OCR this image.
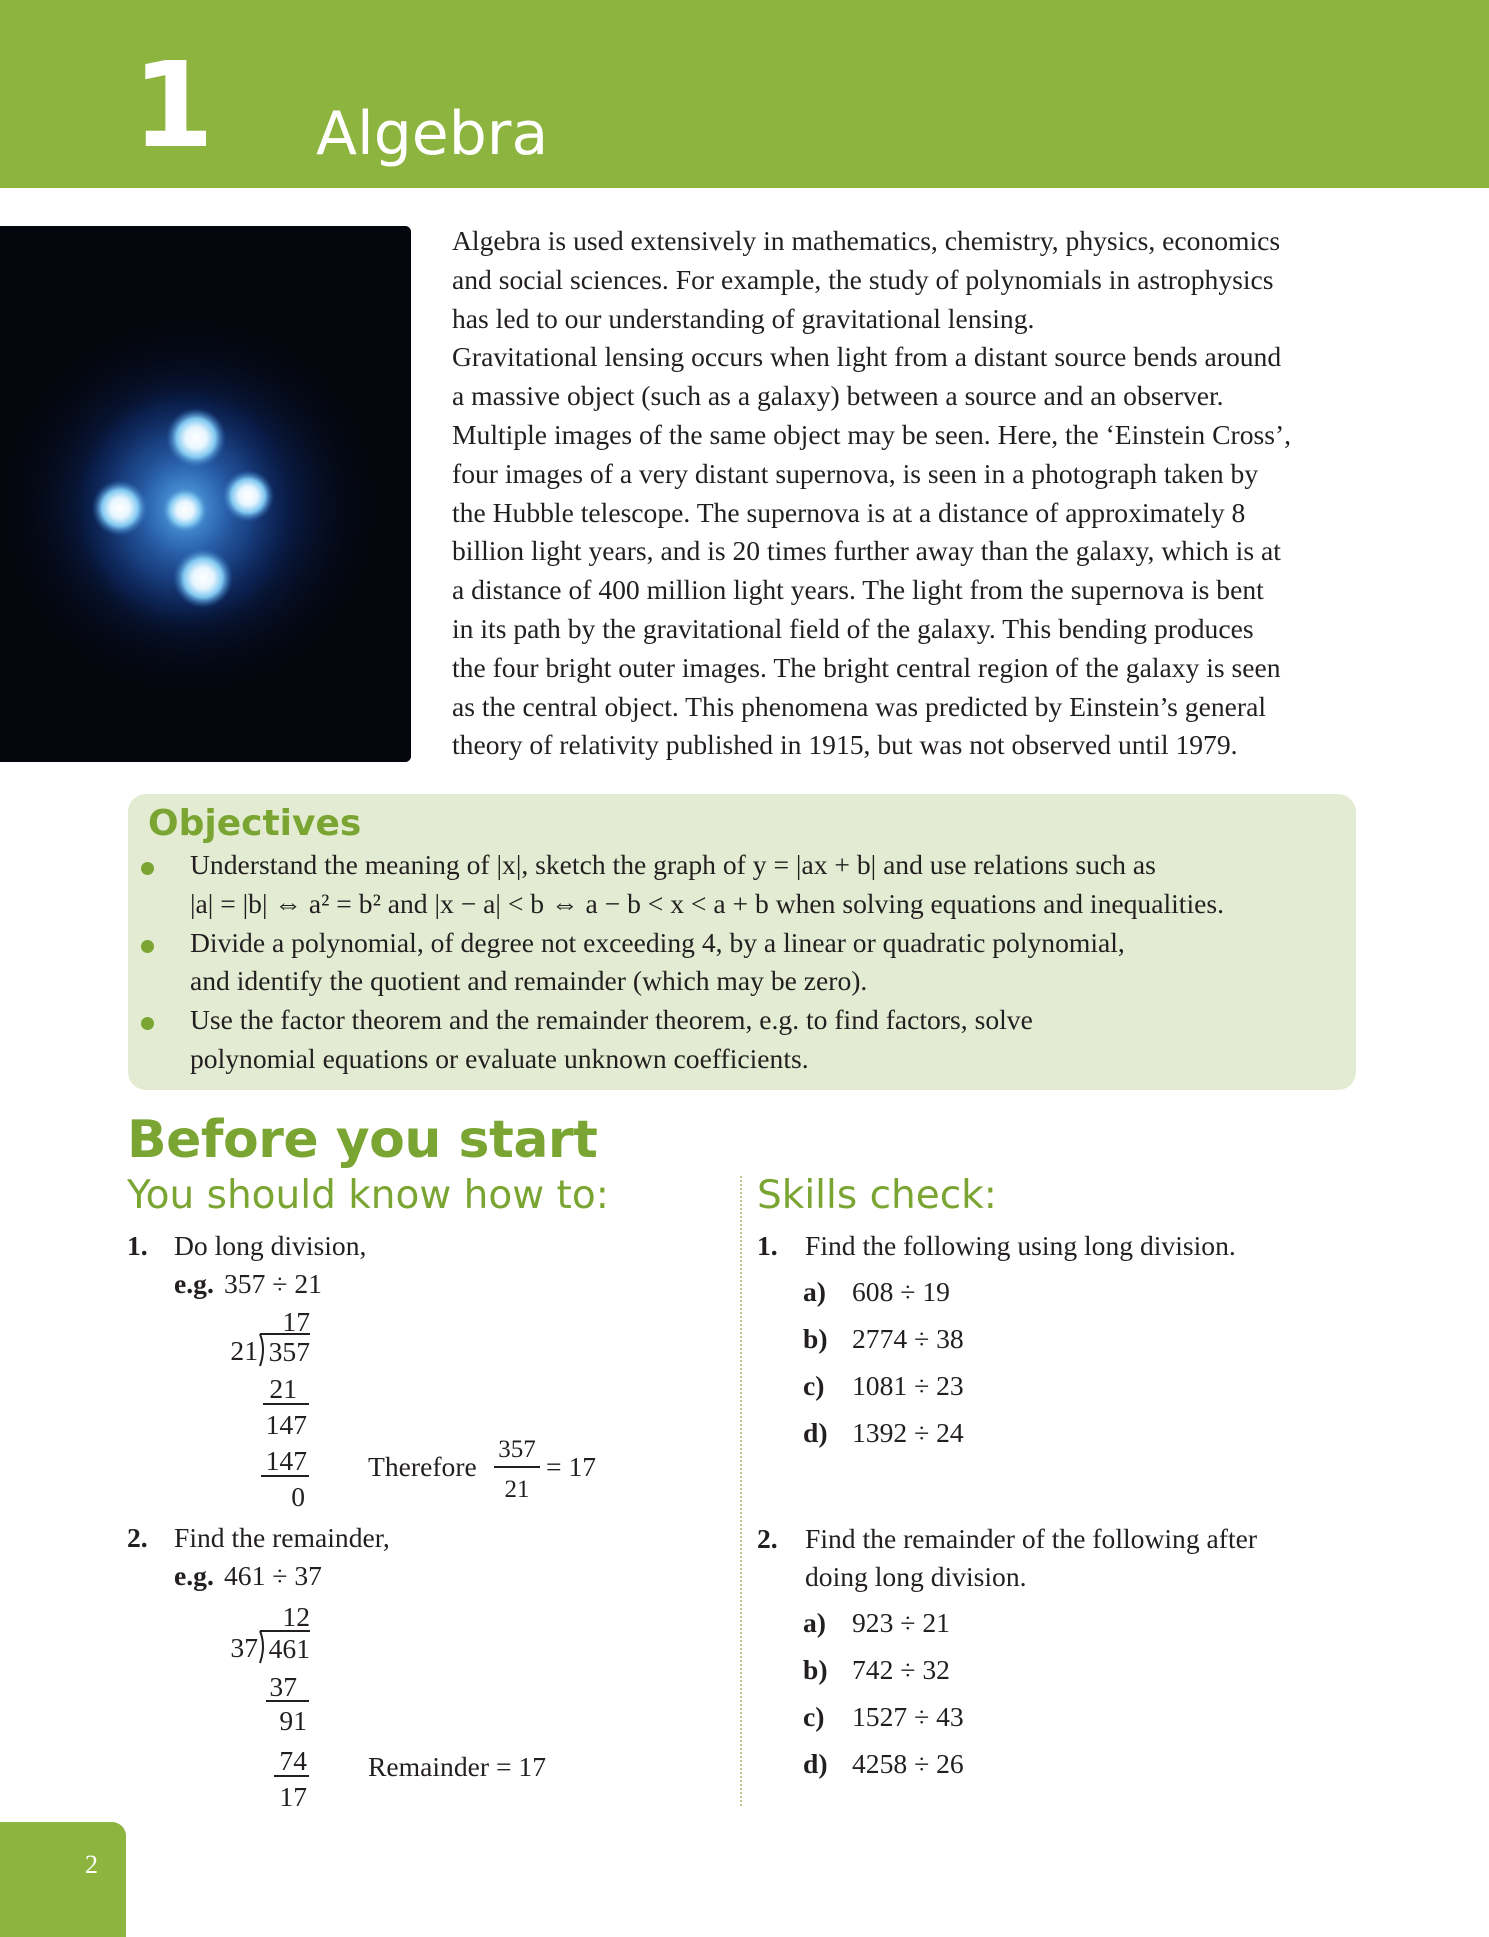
1 Algebra

Algebra is used extensively in mathematics, chemistry, physics, economics

and social sciences. For example, the study of polynomials in astrophysics

has led to our understanding of gravitational lensing.

Gravitational lensing occurs when light from a distant source bends around

a massive object (such as a galaxy) between a source and an observer.

Multiple images of the same object may be seen. Here, the ‘Einstein Cross’,

four images of a very distant supernova, is seen in a photograph taken by

the Hubble telescope. The supernova is at a distance of approximately 8

billion light years, and is 20 times further away than the galaxy, which is at

a distance of 400 million light years. The light from the supernova is bent

in its path by the gravitational field of the galaxy. This bending produces

the four bright outer images. The bright central region of the galaxy is seen

as the central object. This phenomena was predicted by Einstein’s general

theory of relativity published in 1915, but was not observed until 1979.

Objectives
Understand the meaning of |x|, sketch the graph of y = |ax + b| and use relations such as
|a| = |b| ⇔ a² = b² and |x − a| < b ⇔ a − b < x < a + b when solving equations and inequalities.
Divide a polynomial, of degree not exceeding 4, by a linear or quadratic polynomial,
and identify the quotient and remainder (which may be zero).
Use the factor theorem and the remainder theorem, e.g. to find factors, solve
polynomial equations or evaluate unknown coefficients.
Before you start
You should know how to:	Skills check:
1. Do long division,
e.g. 357 ÷ 21
17
21 357
21
147
147
0
Therefore
357
21
= 17
2. Find the remainder,
e.g. 461 ÷ 37
12
37 461
37
91
74
17
Remainder = 17
1. Find the following using long division.
a) 608 ÷ 19
b) 2774 ÷ 38
c) 1081 ÷ 23
d) 1392 ÷ 24
2. Find the remainder of the following after
doing long division.
a) 923 ÷ 21
b) 742 ÷ 32
c) 1527 ÷ 43
d) 4258 ÷ 26
2
